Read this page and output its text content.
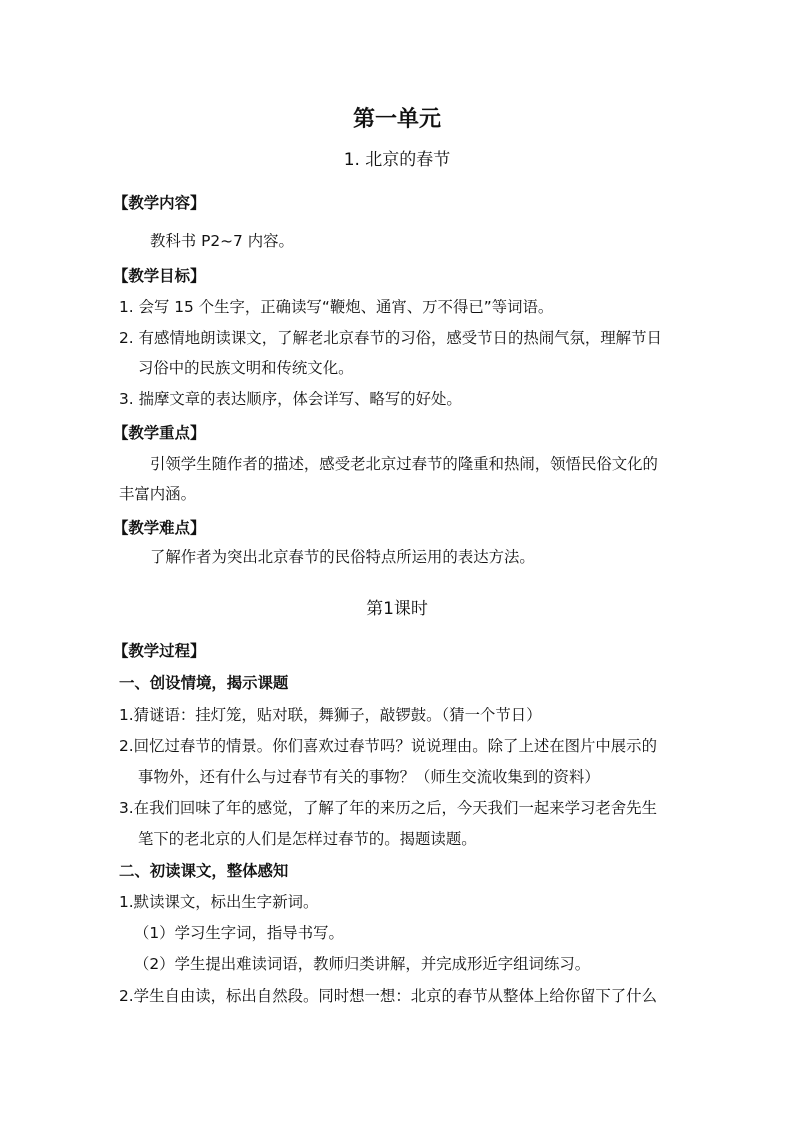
第一单元
1. 北京的春节
【教学内容】
教科书 P2~7 内容。
【教学目标】
1. 会写 15 个生字，正确读写“鞭炮、通宵、万不得已”等词语。
2. 有感情地朗读课文，了解老北京春节的习俗，感受节日的热闹气氛，理解节日
习俗中的民族文明和传统文化。
3. 揣摩文章的表达顺序，体会详写、略写的好处。
【教学重点】
引领学生随作者的描述，感受老北京过春节的隆重和热闹，领悟民俗文化的
丰富内涵。
【教学难点】
了解作者为突出北京春节的民俗特点所运用的表达方法。
第1课时
【教学过程】
一、创设情境，揭示课题
1.猜谜语：挂灯笼，贴对联，舞狮子，敲锣鼓。（猜一个节日）
2.回忆过春节的情景。你们喜欢过春节吗？说说理由。除了上述在图片中展示的
事物外，还有什么与过春节有关的事物？（师生交流收集到的资料）
3.在我们回味了年的感觉，了解了年的来历之后，今天我们一起来学习老舍先生
笔下的老北京的人们是怎样过春节的。揭题读题。
二、初读课文，整体感知
1.默读课文，标出生字新词。
（1）学习生字词，指导书写。
（2）学生提出难读词语，教师归类讲解，并完成形近字组词练习。
2.学生自由读，标出自然段。同时想一想：北京的春节从整体上给你留下了什么
